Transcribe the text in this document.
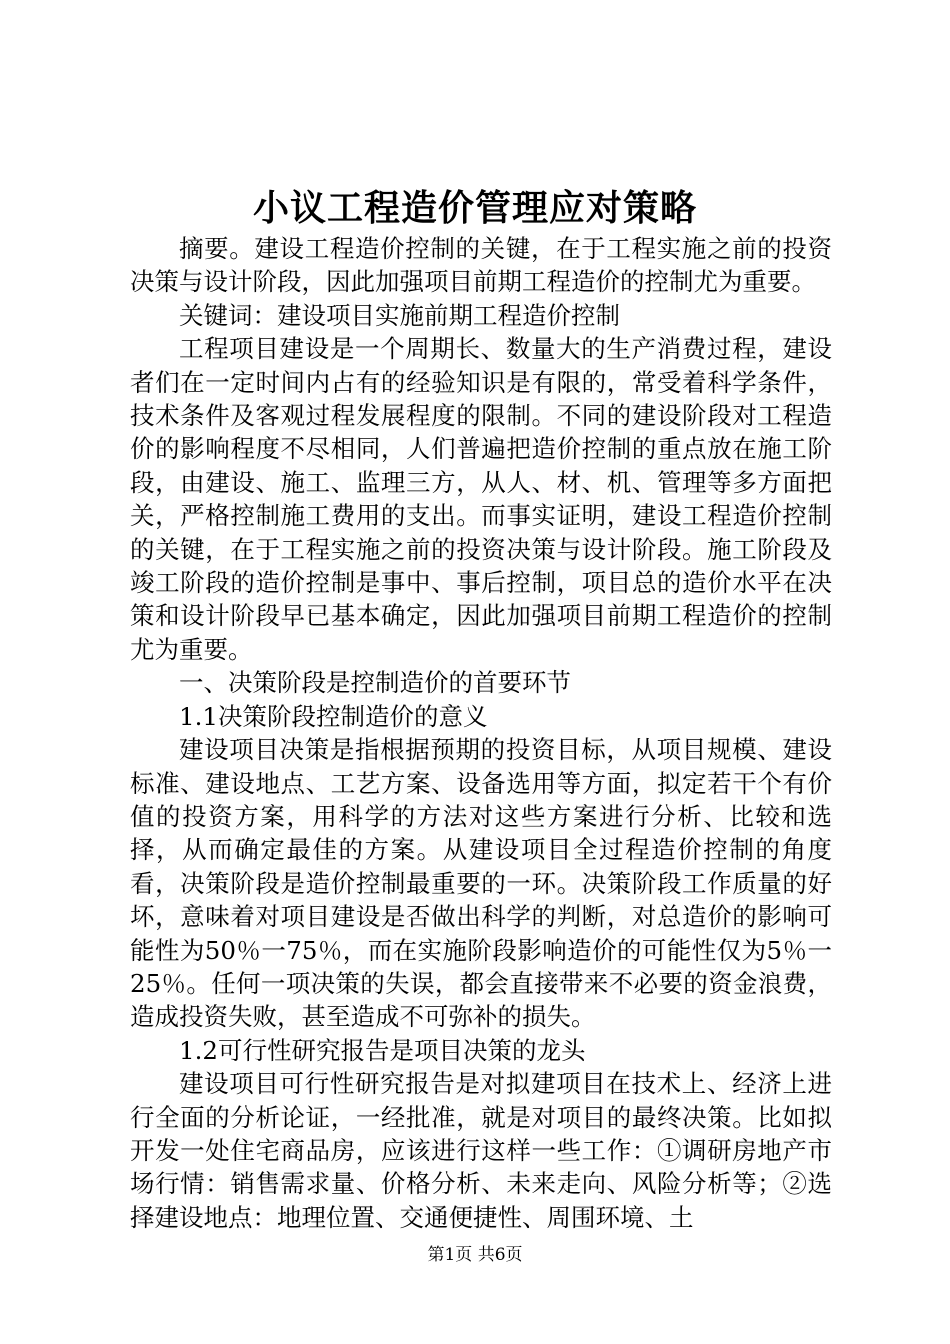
小议工程造价管理应对策略

摘要。建设工程造价控制的关键，在于工程实施之前的投资决策与设计阶段，因此加强项目前期工程造价的控制尤为重要。

关键词：建设项目实施前期工程造价控制

工程项目建设是一个周期长、数量大的生产消费过程，建设者们在一定时间内占有的经验知识是有限的，常受着科学条件，技术条件及客观过程发展程度的限制。不同的建设阶段对工程造价的影响程度不尽相同，人们普遍把造价控制的重点放在施工阶段，由建设、施工、监理三方，从人、材、机、管理等多方面把关，严格控制施工费用的支出。而事实证明，建设工程造价控制的关键，在于工程实施之前的投资决策与设计阶段。施工阶段及竣工阶段的造价控制是事中、事后控制，项目总的造价水平在决策和设计阶段早已基本确定，因此加强项目前期工程造价的控制尤为重要。

一、决策阶段是控制造价的首要环节

1.1决策阶段控制造价的意义

建设项目决策是指根据预期的投资目标，从项目规模、建设标准、建设地点、工艺方案、设备选用等方面，拟定若干个有价值的投资方案，用科学的方法对这些方案进行分析、比较和选择，从而确定最佳的方案。从建设项目全过程造价控制的角度看，决策阶段是造价控制最重要的一环。决策阶段工作质量的好坏，意味着对项目建设是否做出科学的判断，对总造价的影响可能性为50％一75％，而在实施阶段影响造价的可能性仅为5％一25％。任何一项决策的失误，都会直接带来不必要的资金浪费，造成投资失败，甚至造成不可弥补的损失。

1.2可行性研究报告是项目决策的龙头

建设项目可行性研究报告是对拟建项目在技术上、经济上进行全面的分析论证，一经批准，就是对项目的最终决策。比如拟开发一处住宅商品房，应该进行这样一些工作：①调研房地产市场行情：销售需求量、价格分析、未来走向、风险分析等；②选择建设地点：地理位置、交通便捷性、周围环境、土

第1页 共6页
